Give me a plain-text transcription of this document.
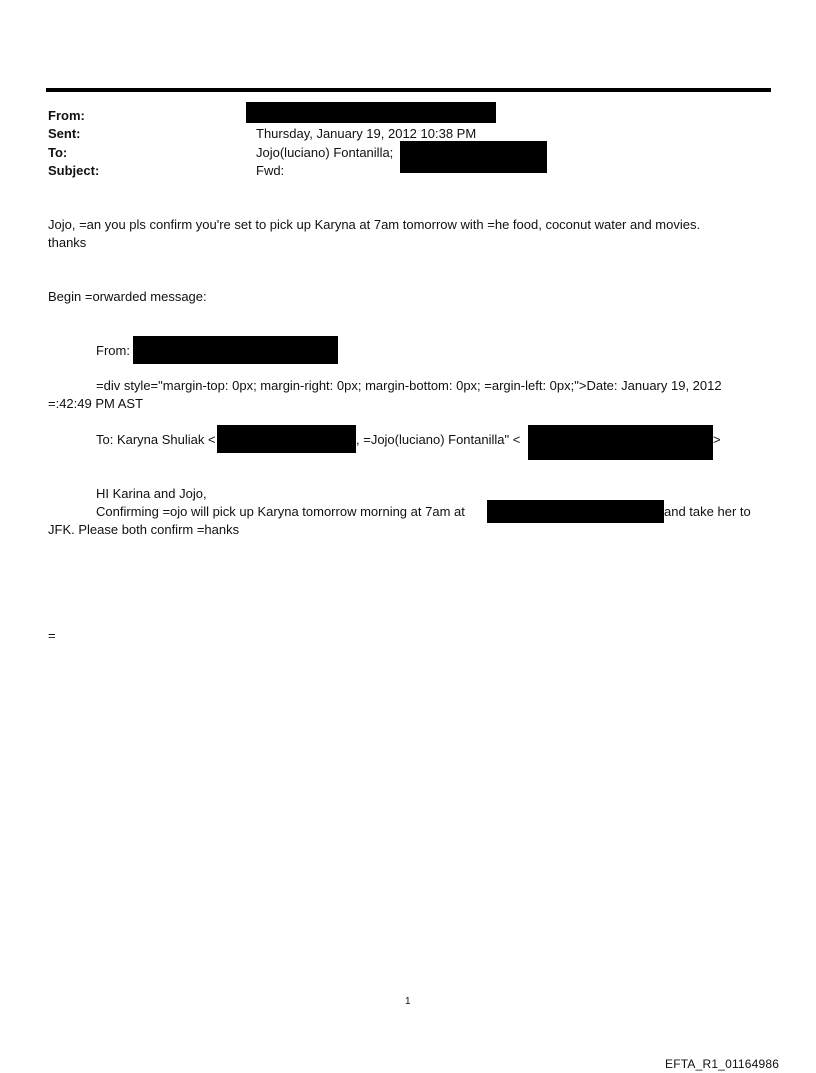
From:
Sent:	Thursday, January 19, 2012 10:38 PM
To:	Jojo(luciano) Fontanilla;
Subject:	Fwd:
Jojo, =an you pls confirm you're set to pick up Karyna at 7am tomorrow with =he food, coconut water and movies.
thanks
Begin =orwarded message:
From:
=div style="margin-top: 0px; margin-right: 0px; margin-bottom: 0px; =argin-left: 0px;">Date: January 19, 2012
=:42:49 PM AST
To: Karyna Shuliak <	, =Jojo(luciano) Fontanilla" <	>
HI Karina and Jojo,
Confirming =ojo will pick up Karyna tomorrow morning at 7am at	and take her to
JFK. Please both confirm =hanks
=
1
EFTA_R1_01164986
